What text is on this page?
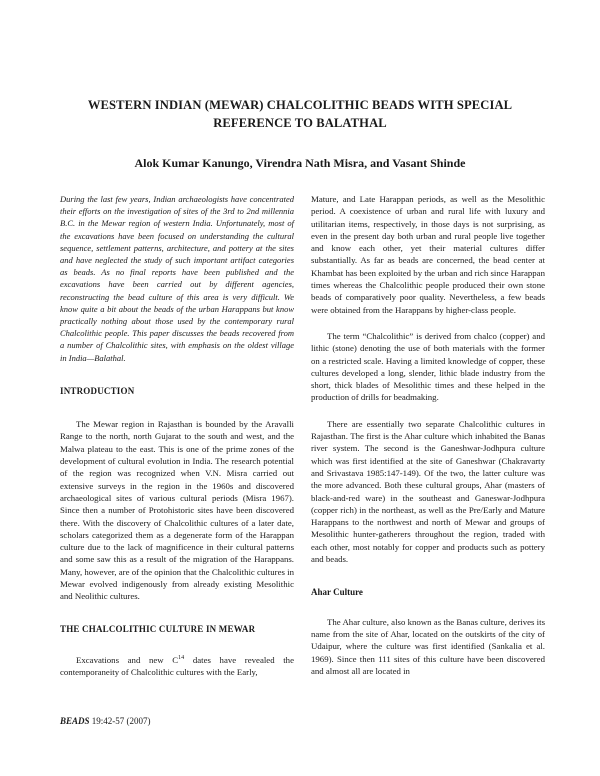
WESTERN INDIAN (MEWAR) CHALCOLITHIC BEADS WITH SPECIAL
REFERENCE TO BALATHAL
Alok Kumar Kanungo, Virendra Nath Misra, and Vasant Shinde

During the last few years, Indian archaeologists have concentrated their efforts on the investigation of sites of the 3rd to 2nd millennia B.C. in the Mewar region of western India. Unfortunately, most of the excavations have been focused on understanding the cultural sequence, settlement patterns, architecture, and pottery at the sites and have neglected the study of such important artifact categories as beads. As no final reports have been published and the excavations have been carried out by different agencies, reconstructing the bead culture of this area is very difficult. We know quite a bit about the beads of the urban Harappans but know practically nothing about those used by the contemporary rural Chalcolithic people. This paper discusses the beads recovered from a number of Chalcolithic sites, with emphasis on the oldest village in India—Balathal.

INTRODUCTION

The Mewar region in Rajasthan is bounded by the Aravalli Range to the north, north Gujarat to the south and west, and the Malwa plateau to the east. This is one of the prime zones of the development of cultural evolution in India. The research potential of the region was recognized when V.N. Misra carried out extensive surveys in the region in the 1960s and discovered archaeological sites of various cultural periods (Misra 1967). Since then a number of Protohistoric sites have been discovered there. With the discovery of Chalcolithic cultures of a later date, scholars categorized them as a degenerate form of the Harappan culture due to the lack of magnificence in their cultural patterns and some saw this as a result of the migration of the Harappans. Many, however, are of the opinion that the Chalcolithic cultures in Mewar evolved indigenously from already existing Mesolithic and Neolithic cultures.

THE CHALCOLITHIC CULTURE IN MEWAR

Excavations and new $C^{14}$ dates have revealed the contemporaneity of Chalcolithic cultures with the Early,

Mature, and Late Harappan periods, as well as the Mesolithic period. A coexistence of urban and rural life with luxury and utilitarian items, respectively, in those days is not surprising, as even in the present day both urban and rural people live together and know each other, yet their material cultures differ substantially. As far as beads are concerned, the bead center at Khambat has been exploited by the urban and rich since Harappan times whereas the Chalcolithic people produced their own stone beads of comparatively poor quality. Nevertheless, a few beads were obtained from the Harappans by higher-class people.

The term “Chalcolithic” is derived from chalco (copper) and lithic (stone) denoting the use of both materials with the former on a restricted scale. Having a limited knowledge of copper, these cultures developed a long, slender, lithic blade industry from the short, thick blades of Mesolithic times and these helped in the production of drills for beadmaking.

There are essentially two separate Chalcolithic cultures in Rajasthan. The first is the Ahar culture which inhabited the Banas river system. The second is the Ganeshwar-Jodhpura culture which was first identified at the site of Ganeshwar (Chakravarty and Srivastava 1985:147-149). Of the two, the latter culture was the more advanced. Both these cultural groups, Ahar (masters of black-and-red ware) in the southeast and Ganeswar-Jodhpura (copper rich) in the northeast, as well as the Pre/Early and Mature Harappans to the northwest and north of Mewar and groups of Mesolithic hunter-gatherers throughout the region, traded with each other, most notably for copper and products such as pottery and beads.

Ahar Culture

The Ahar culture, also known as the Banas culture, derives its name from the site of Ahar, located on the outskirts of the city of Udaipur, where the culture was first identified (Sankalia et al. 1969). Since then 111 sites of this culture have been discovered and almost all are located in

BEADS 19:42-57 (2007)
